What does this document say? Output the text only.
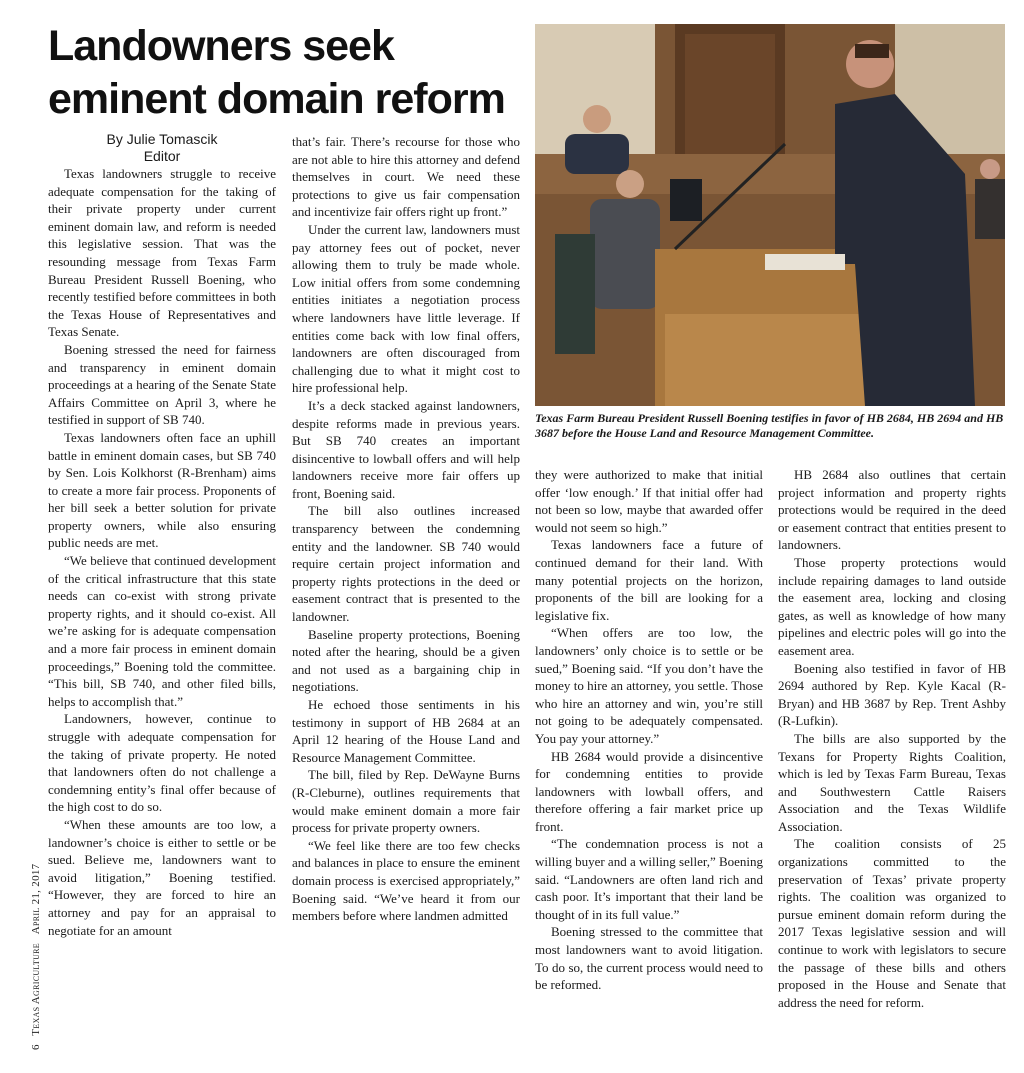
Landowners seek eminent domain reform
By Julie Tomascik
Editor

Texas landowners struggle to receive adequate compensation for the taking of their private property under current eminent domain law, and reform is needed this legislative session. That was the resounding message from Texas Farm Bureau President Russell Boening, who recently testified before committees in both the Texas House of Representatives and Texas Senate.

Boening stressed the need for fairness and transparency in eminent domain proceedings at a hearing of the Senate State Affairs Committee on April 3, where he testified in support of SB 740.

Texas landowners often face an uphill battle in eminent domain cases, but SB 740 by Sen. Lois Kolkhorst (R-Brenham) aims to create a more fair process. Proponents of her bill seek a better solution for private property owners, while also ensuring public needs are met.

“We believe that continued development of the critical infrastructure that this state needs can co-exist with strong private property rights, and it should co-exist. All we’re asking for is adequate compensation and a more fair process in eminent domain proceedings,” Boening told the committee. “This bill, SB 740, and other filed bills, helps to accomplish that.”

Landowners, however, continue to struggle with adequate compensation for the taking of private property. He noted that landowners often do not challenge a condemning entity’s final offer because of the high cost to do so.

“When these amounts are too low, a landowner’s choice is either to settle or be sued. Believe me, landowners want to avoid litigation,” Boening testified. “However, they are forced to hire an attorney and pay for an appraisal to negotiate for an amount

that’s fair. There’s recourse for those who are not able to hire this attorney and defend themselves in court. We need these protections to give us fair compensation and incentivize fair offers right up front.”

Under the current law, landowners must pay attorney fees out of pocket, never allowing them to truly be made whole. Low initial offers from some condemning entities initiates a negotiation process where landowners have little leverage. If entities come back with low final offers, landowners are often discouraged from challenging due to what it might cost to hire professional help.

It’s a deck stacked against landowners, despite reforms made in previous years. But SB 740 creates an important disincentive to lowball offers and will help landowners receive more fair offers up front, Boening said.

The bill also outlines increased transparency between the condemning entity and the landowner. SB 740 would require certain project information and property rights protections in the deed or easement contract that is presented to the landowner.

Baseline property protections, Boening noted after the hearing, should be a given and not used as a bargaining chip in negotiations.

He echoed those sentiments in his testimony in support of HB 2684 at an April 12 hearing of the House Land and Resource Management Committee.

The bill, filed by Rep. DeWayne Burns (R-Cleburne), outlines requirements that would make eminent domain a more fair process for private property owners.

“We feel like there are too few checks and balances in place to ensure the eminent domain process is exercised appropriately,” Boening said. “We’ve heard it from our members before where landmen admitted

Texas Farm Bureau President Russell Boening testifies in favor of HB 2684, HB 2694 and HB 3687 before the House Land and Resource Management Committee.

they were authorized to make that initial offer ‘low enough.’ If that initial offer had not been so low, maybe that awarded offer would not seem so high.”

Texas landowners face a future of continued demand for their land. With many potential projects on the horizon, proponents of the bill are looking for a legislative fix.

“When offers are too low, the landowners’ only choice is to settle or be sued,” Boening said. “If you don’t have the money to hire an attorney, you settle. Those who hire an attorney and win, you’re still not going to be adequately compensated. You pay your attorney.”

HB 2684 would provide a disincentive for condemning entities to provide landowners with lowball offers, and therefore offering a fair market price up front.

“The condemnation process is not a willing buyer and a willing seller,” Boening said. “Landowners are often land rich and cash poor. It’s important that their land be thought of in its full value.”

Boening stressed to the committee that most landowners want to avoid litigation. To do so, the current process would need to be reformed.

HB 2684 also outlines that certain project information and property rights protections would be required in the deed or easement contract that entities present to landowners.

Those property protections would include repairing damages to land outside the easement area, locking and closing gates, as well as knowledge of how many pipelines and electric poles will go into the easement area.

Boening also testified in favor of HB 2694 authored by Rep. Kyle Kacal (R-Bryan) and HB 3687 by Rep. Trent Ashby (R-Lufkin).

The bills are also supported by the Texans for Property Rights Coalition, which is led by Texas Farm Bureau, Texas and Southwestern Cattle Raisers Association and the Texas Wildlife Association.

The coalition consists of 25 organizations committed to the preservation of Texas’ private property rights. The coalition was organized to pursue eminent domain reform during the 2017 Texas legislative session and will continue to work with legislators to secure the passage of these bills and others proposed in the House and Senate that address the need for reform.

6 Texas Agriculture April 21, 2017
